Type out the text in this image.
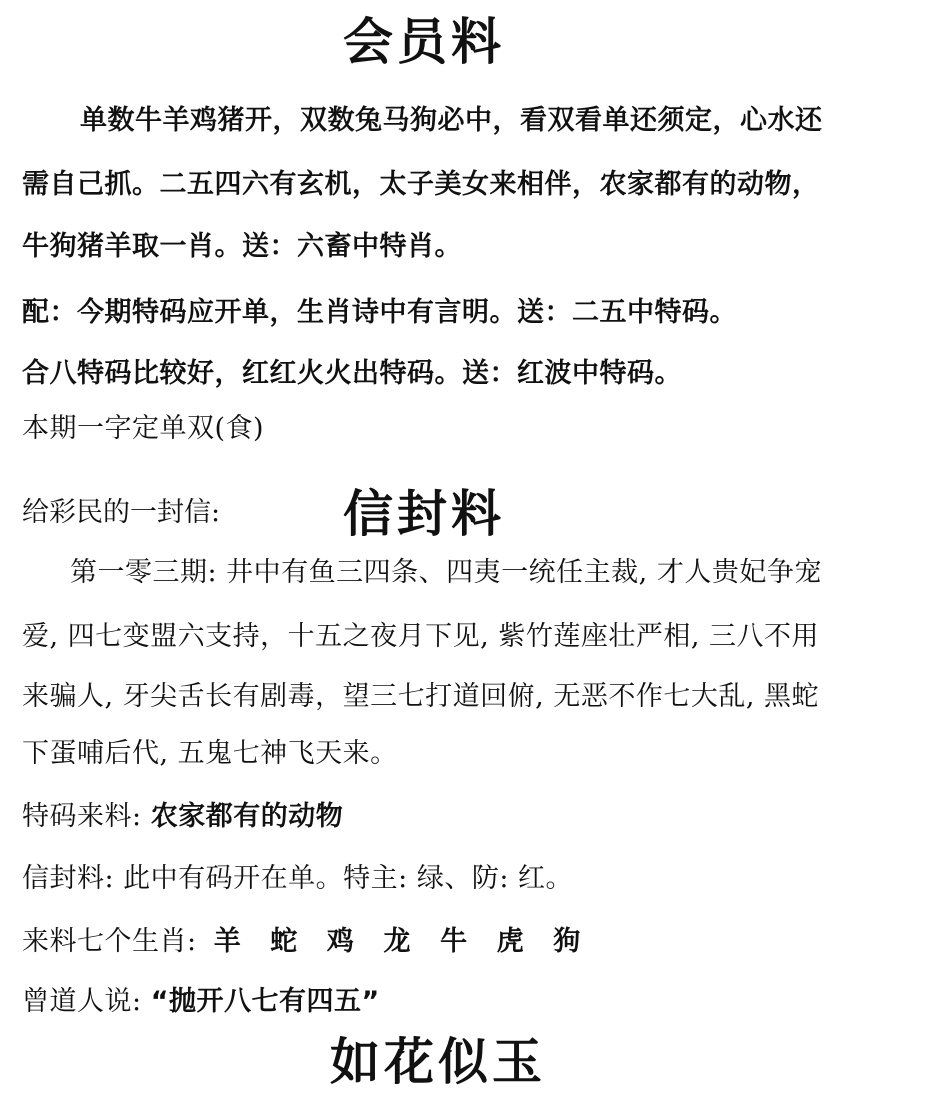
会员料
单数牛羊鸡猪开，双数兔马狗必中，看双看单还须定，心水还
需自己抓。二五四六有玄机，太子美女来相伴，农家都有的动物，
牛狗猪羊取一肖。送：六畜中特肖。
配：今期特码应开单，生肖诗中有言明。送：二五中特码。
合八特码比较好，红红火火出特码。送：红波中特码。
本期一字定单双(食)
给彩民的一封信: 信封料
第一零三期: 井中有鱼三四条、四夷一统任主裁, 才人贵妃争宠
爱, 四七变盟六支持，十五之夜月下见, 紫竹莲座壮严相, 三八不用
来骗人, 牙尖舌长有剧毒，望三七打道回俯, 无恶不作七大乱, 黑蛇
下蛋哺后代, 五鬼七神飞天来。
特码来料: 农家都有的动物
信封料: 此中有码开在单。特主: 绿、防: 红。
来料七个生肖: 羊 蛇 鸡 龙 牛 虎 狗
曾道人说: “抛开八七有四五”
如花似玉
